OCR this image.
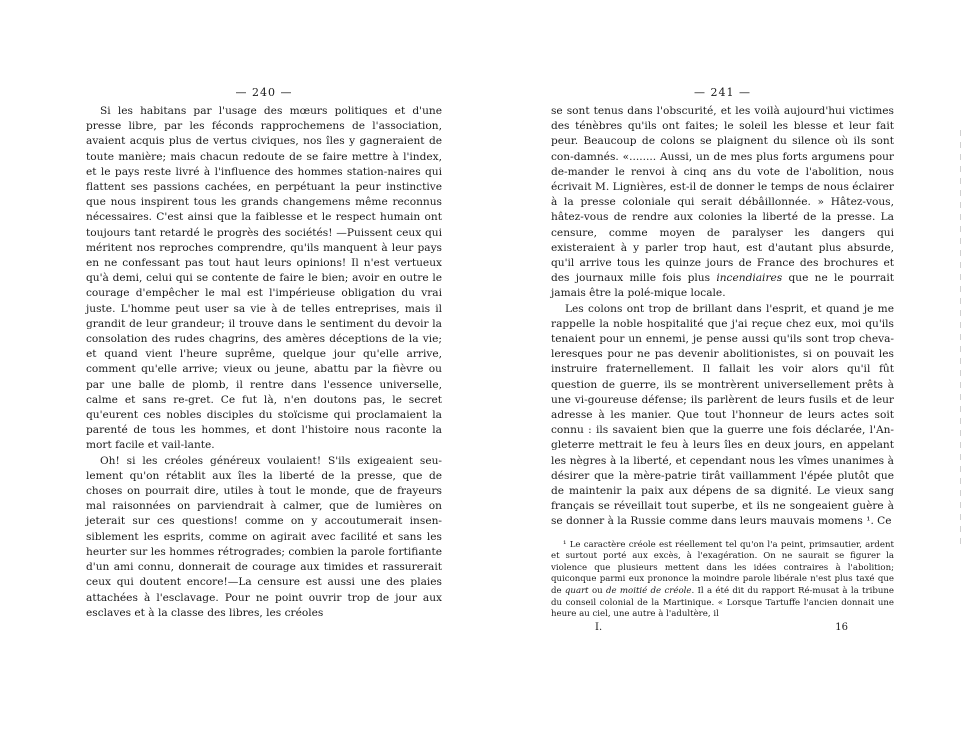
— 240 —

Si les habitans par l'usage des mœurs politiques et d'une presse libre, par les féconds rapprochemens de l'association, avaient acquis plus de vertus civiques, nos îles y gagneraient de toute manière; mais chacun redoute de se faire mettre à l'index, et le pays reste livré à l'influence des hommes station-naires qui flattent ses passions cachées, en perpétuant la peur instinctive que nous inspirent tous les grands changemens même reconnus nécessaires. C'est ainsi que la faiblesse et le respect humain ont toujours tant retardé le progrès des sociétés! —Puissent ceux qui méritent nos reproches comprendre, qu'ils manquent à leur pays en ne confessant pas tout haut leurs opinions! Il n'est vertueux qu'à demi, celui qui se contente de faire le bien; avoir en outre le courage d'empêcher le mal est l'impérieuse obligation du vrai juste. L'homme peut user sa vie à de telles entreprises, mais il grandit de leur grandeur; il trouve dans le sentiment du devoir la consolation des rudes chagrins, des amères déceptions de la vie; et quand vient l'heure suprême, quelque jour qu'elle arrive, comment qu'elle arrive; vieux ou jeune, abattu par la fièvre ou par une balle de plomb, il rentre dans l'essence universelle, calme et sans re-gret. Ce fut là, n'en doutons pas, le secret qu'eurent ces nobles disciples du stoïcisme qui proclamaient la parenté de tous les hommes, et dont l'histoire nous raconte la mort facile et vail-lante.

Oh! si les créoles généreux voulaient! S'ils exigeaient seu-lement qu'on rétablit aux îles la liberté de la presse, que de choses on pourrait dire, utiles à tout le monde, que de frayeurs mal raisonnées on parviendrait à calmer, que de lumières on jeterait sur ces questions! comme on y accoutumerait insen-siblement les esprits, comme on agirait avec facilité et sans les heurter sur les hommes rétrogrades; combien la parole fortifiante d'un ami connu, donnerait de courage aux timides et rassurerait ceux qui doutent encore!—La censure est aussi une des plaies attachées à l'esclavage. Pour ne point ouvrir trop de jour aux esclaves et à la classe des libres, les créoles

— 241 —

se sont tenus dans l'obscurité, et les voilà aujourd'hui victimes des ténèbres qu'ils ont faites; le soleil les blesse et leur fait peur. Beaucoup de colons se plaignent du silence où ils sont con-damnés. «........ Aussi, un de mes plus forts argumens pour de-mander le renvoi à cinq ans du vote de l'abolition, nous écrivait M. Lignières, est-il de donner le temps de nous éclairer à la presse coloniale qui serait débâillonnée. » Hâtez-vous, hâtez-vous de rendre aux colonies la liberté de la presse. La censure, comme moyen de paralyser les dangers qui existeraient à y parler trop haut, est d'autant plus absurde, qu'il arrive tous les quinze jours de France des brochures et des journaux mille fois plus incendiaires que ne le pourrait jamais être la polé-mique locale.

Les colons ont trop de brillant dans l'esprit, et quand je me rappelle la noble hospitalité que j'ai reçue chez eux, moi qu'ils tenaient pour un ennemi, je pense aussi qu'ils sont trop cheva-leresques pour ne pas devenir abolitionistes, si on pouvait les instruire fraternellement. Il fallait les voir alors qu'il fût question de guerre, ils se montrèrent universellement prêts à une vi-goureuse défense; ils parlèrent de leurs fusils et de leur adresse à les manier. Que tout l'honneur de leurs actes soit connu : ils savaient bien que la guerre une fois déclarée, l'An-gleterre mettrait le feu à leurs îles en deux jours, en appelant les nègres à la liberté, et cependant nous les vîmes unanimes à désirer que la mère-patrie tirât vaillamment l'épée plutôt que de maintenir la paix aux dépens de sa dignité. Le vieux sang français se réveillait tout superbe, et ils ne songeaient guère à se donner à la Russie comme dans leurs mauvais momens ¹. Ce

¹ Le caractère créole est réellement tel qu'on l'a peint, primsautier, ardent et surtout porté aux excès, à l'exagération. On ne saurait se figurer la violence que plusieurs mettent dans les idées contraires à l'abolition; quiconque parmi eux prononce la moindre parole libérale n'est plus taxé que de quart ou de moitié de créole. Il a été dit du rapport Ré-musat à la tribune du conseil colonial de la Martinique. « Lorsque Tartuffe l'ancien donnait une heure au ciel, une autre à l'adultère, il

I.	16
